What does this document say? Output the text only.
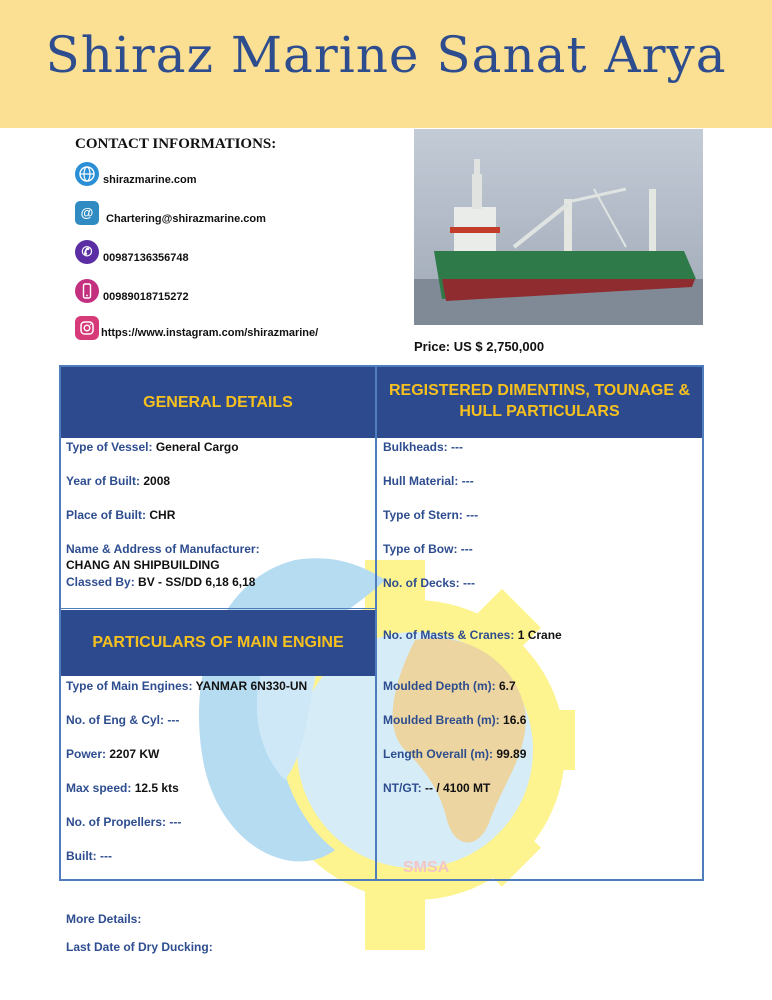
Shiraz Marine Sanat Arya
SMSA
CONTACT INFORMATIONS:
shirazmarine.com
@	Chartering@shirazmarine.com
✆ 00987136356748
00989018715272
https://www.instagram.com/shirazmarine/
Price: US $ 2,750,000
GENERAL DETAILS
REGISTERED DIMENTINS, TOUNAGE &
HULL PARTICULARS
PARTICULARS OF MAIN ENGINE
Type of Vessel: General Cargo
Year of Built: 2008
Place of Built: CHR
Name & Address of Manufacturer:
CHANG AN SHIPBUILDING
Classed By: BV - SS/DD 6,18 6,18
Bulkheads: ---
Hull Material: ---
Type of Stern: ---
Type of Bow: ---
No. of Decks: ---
No. of Masts & Cranes: 1 Crane
Moulded Depth (m): 6.7
Moulded Breath (m): 16.6
Length Overall (m): 99.89
NT/GT: -- / 4100 MT
Type of Main Engines: YANMAR 6N330-UN
No. of Eng & Cyl: ---
Power: 2207 KW
Max speed: 12.5 kts
No. of Propellers: ---
Built: ---
More Details:
Last Date of Dry Ducking:
